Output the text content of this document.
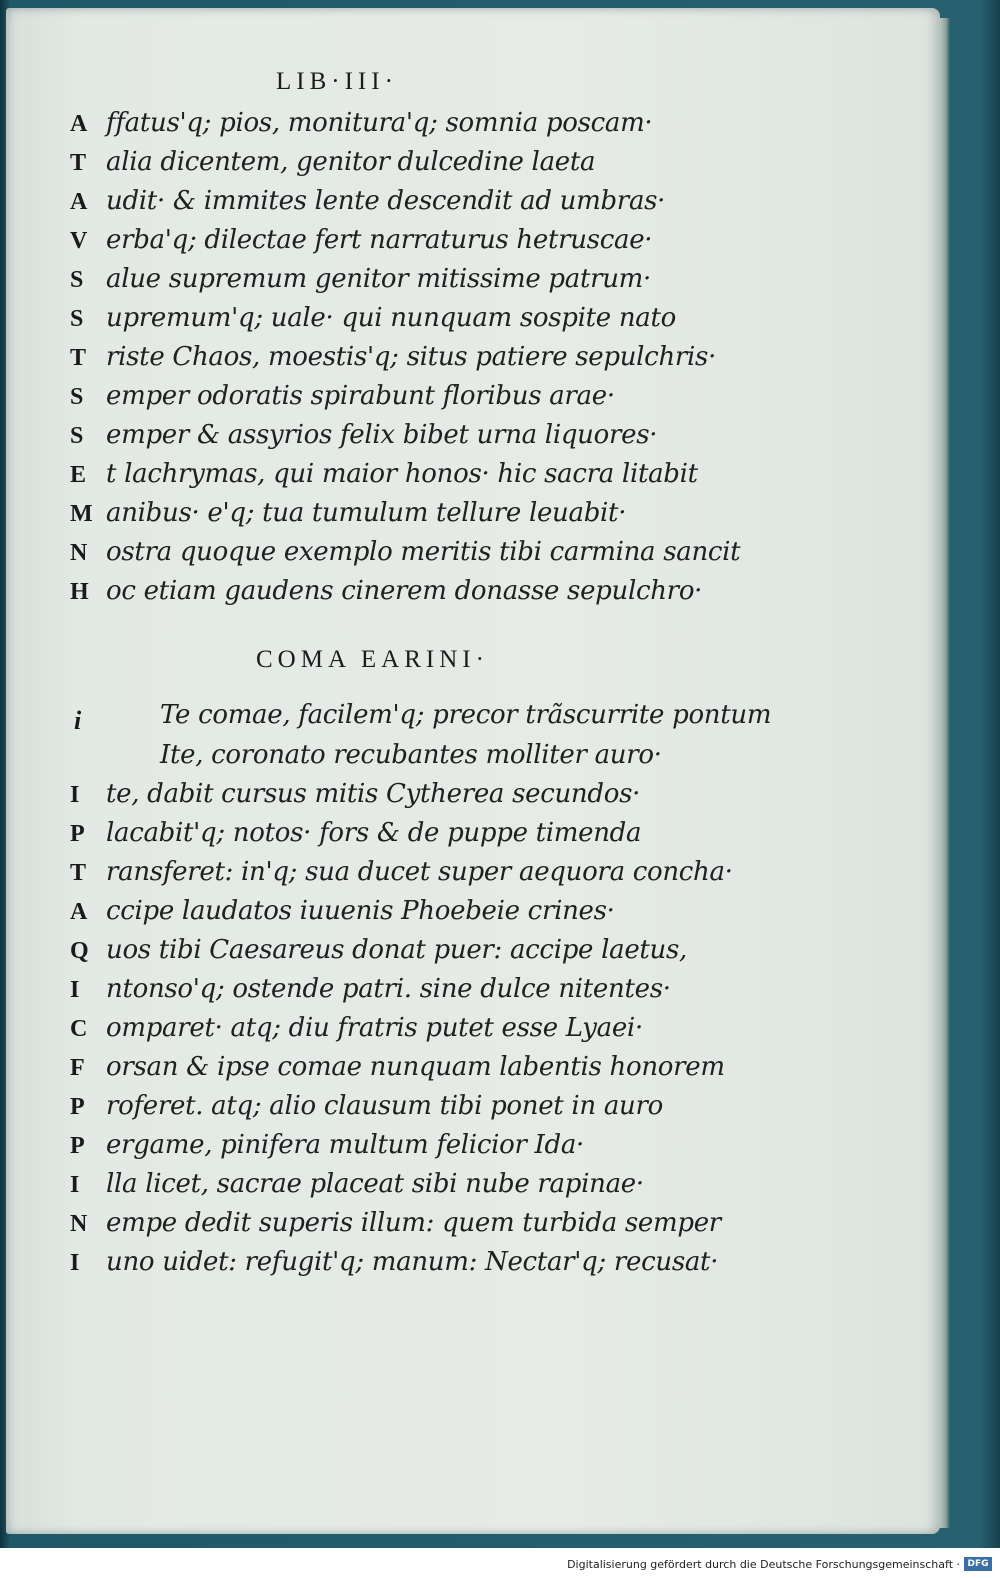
LIB·III·
A ffatus'q; pios, monitura'q; somnia poscam·
T alia dicentem, genitor dulcedine laeta
A udit· & immites lente descendit ad umbras·
V erba'q; dilectae fert narraturus hetruscae·
S alue supremum genitor mitissime patrum·
S upremum'q; uale· qui nunquam sospite nato
T riste Chaos, moestis'q; situs patiere sepulchris·
S emper odoratis spirabunt floribus arae·
S emper & assyrios felix bibet urna liquores·
E t lachrymas, qui maior honos· hic sacra litabit
M anibus· e'q; tua tumulum tellure leuabit·
N ostra quoque exemplo meritis tibi carmina sancit
H oc etiam gaudens cinerem donasse sepulchro·
COMA EARINI·
i	Te comae, facilem'q; precor trãscurrite pontum
Ite, coronato recubantes molliter auro·
I te, dabit cursus mitis Cytherea secundos·
P lacabit'q; notos· fors & de puppe timenda
T ransferet: in'q; sua ducet super aequora concha·
A ccipe laudatos iuuenis Phoebeie crines·
Q uos tibi Caesareus donat puer: accipe laetus,
I ntonso'q; ostende patri. sine dulce nitentes·
C omparet· atq; diu fratris putet esse Lyaei·
F orsan & ipse comae nunquam labentis honorem
P roferet. atq; alio clausum tibi ponet in auro
P ergame, pinifera multum felicior Ida·
I lla licet, sacrae placeat sibi nube rapinae·
N empe dedit superis illum: quem turbida semper
I uno uidet: refugit'q; manum: Nectar'q; recusat·
Digitalisierung gefördert durch die Deutsche Forschungsgemeinschaft · DFG
